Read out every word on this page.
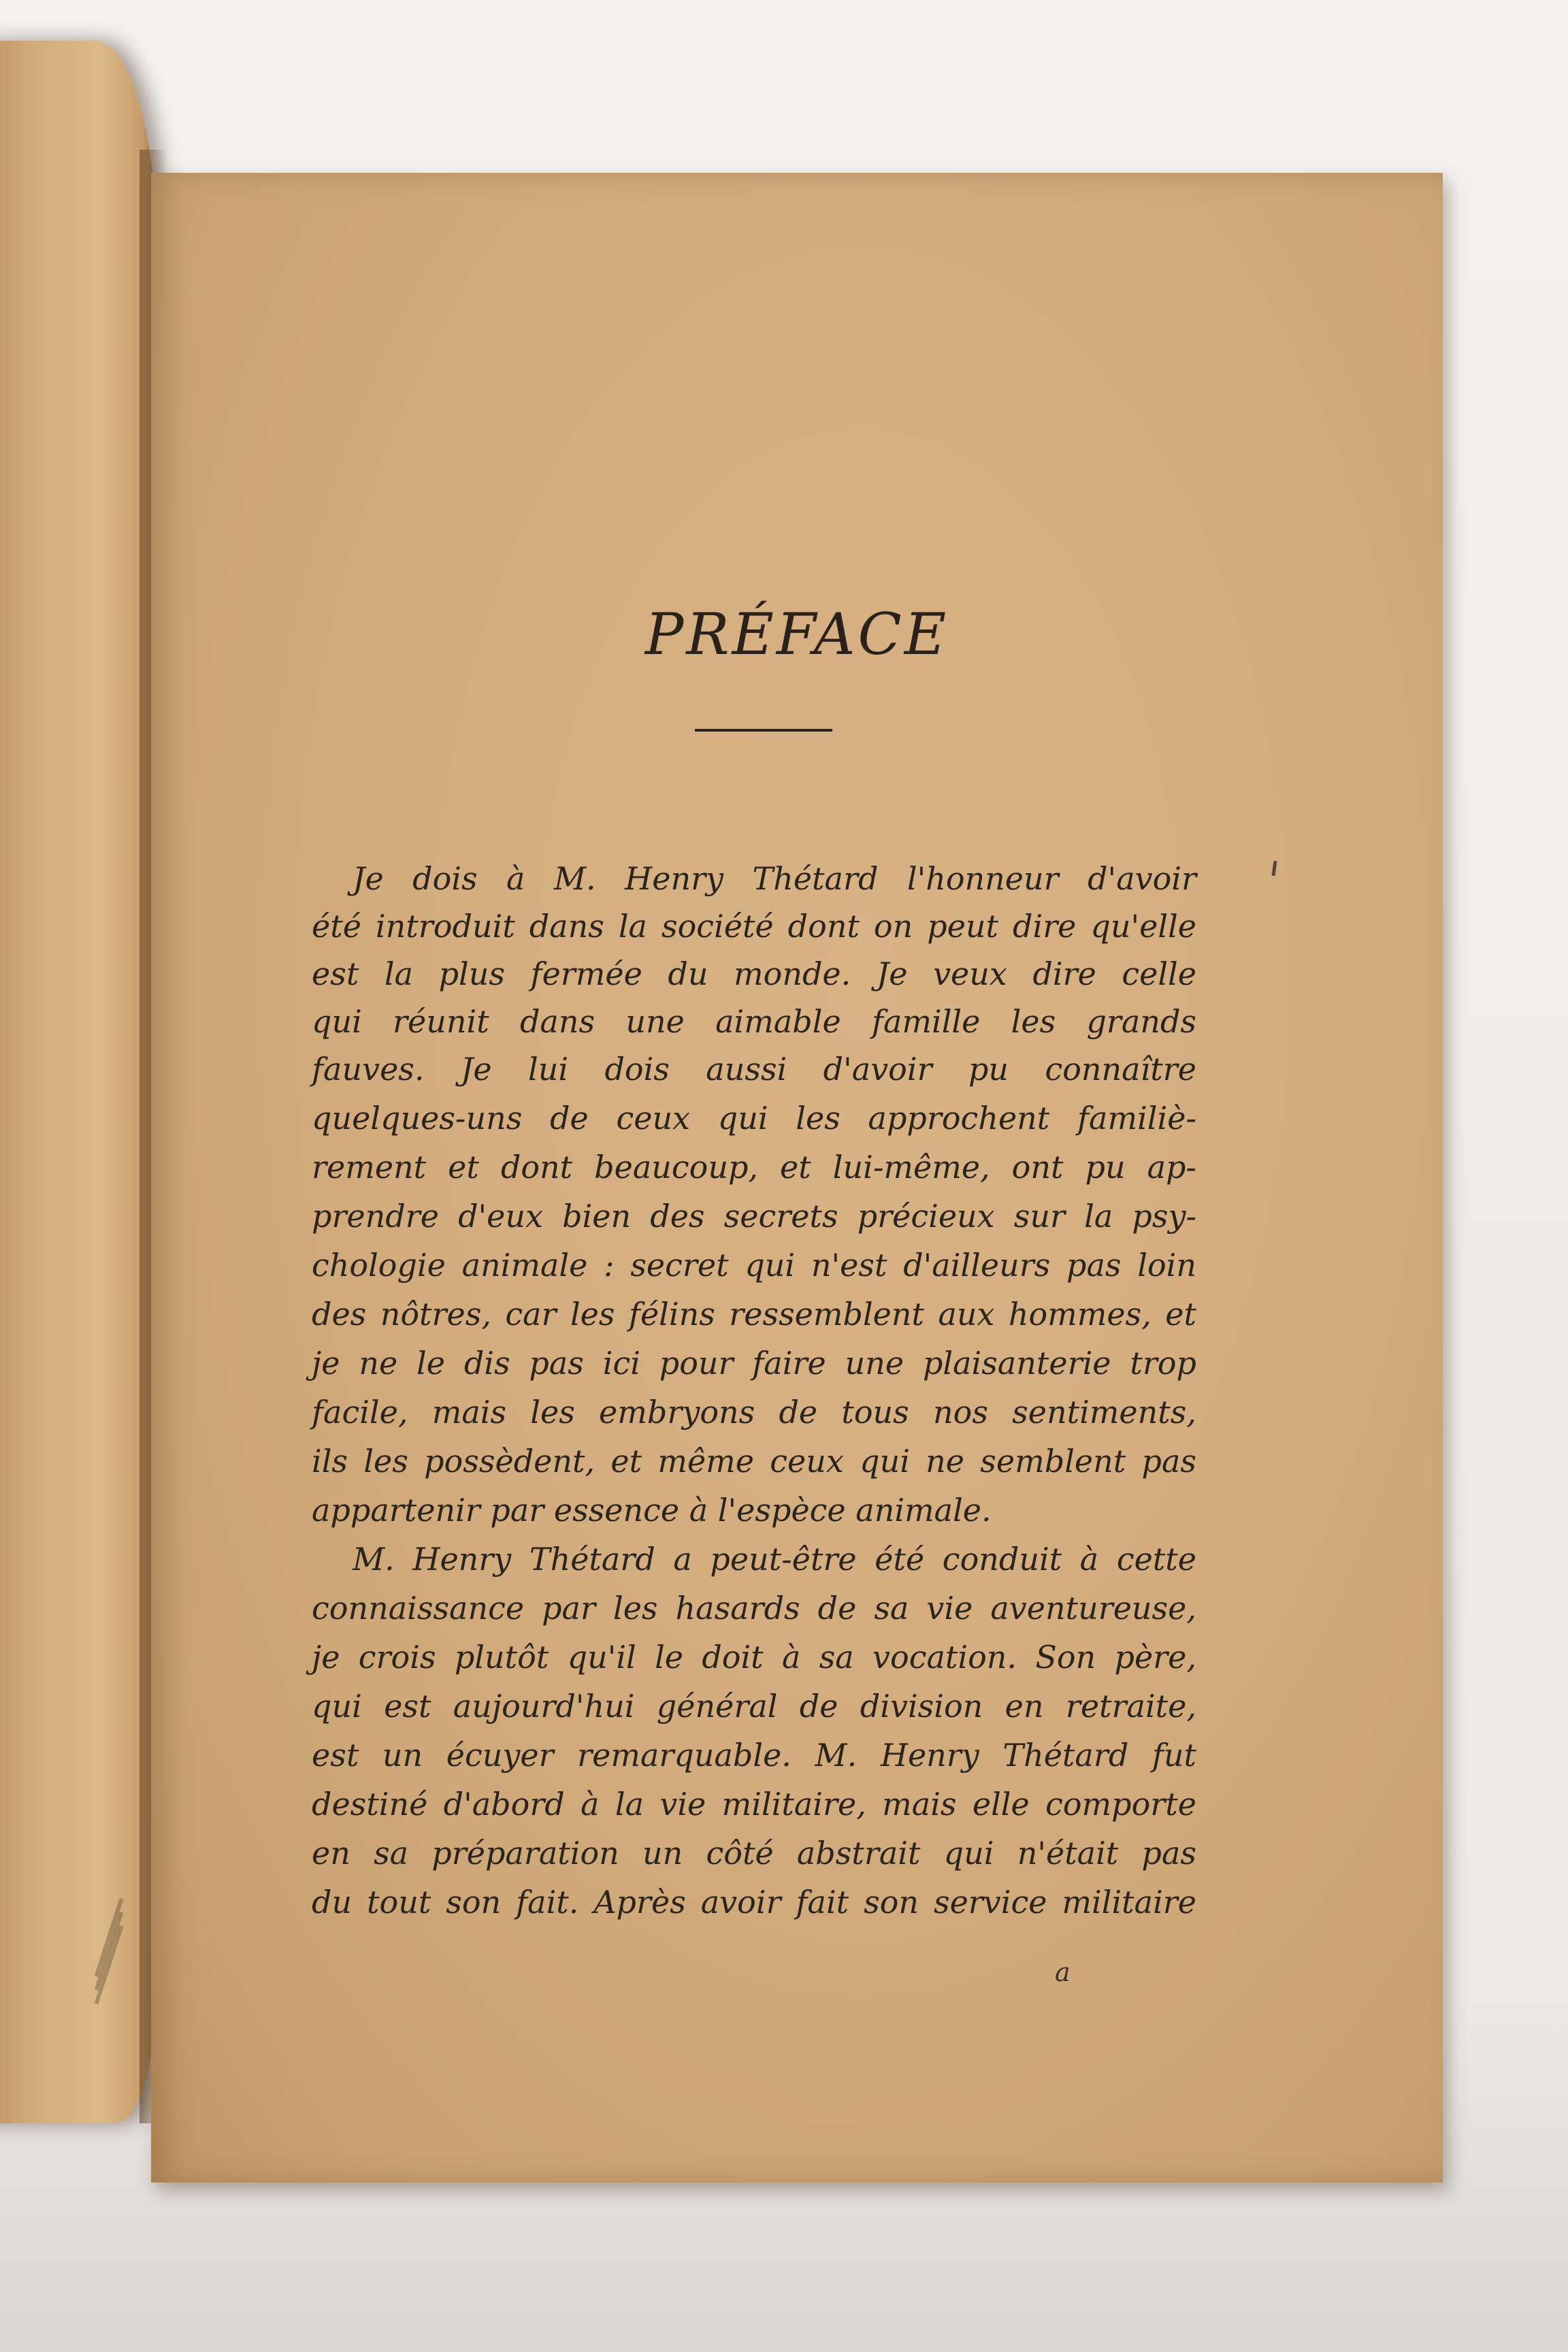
PRÉFACE
Je dois à M. Henry Thétard l'honneur d'avoir
été introduit dans la société dont on peut dire qu'elle
est la plus fermée du monde. Je veux dire celle
qui réunit dans une aimable famille les grands
fauves. Je lui dois aussi d'avoir pu connaître
quelques-uns de ceux qui les approchent familiè-
rement et dont beaucoup, et lui-même, ont pu ap-
prendre d'eux bien des secrets précieux sur la psy-
chologie animale : secret qui n'est d'ailleurs pas loin
des nôtres, car les félins ressemblent aux hommes, et
je ne le dis pas ici pour faire une plaisanterie trop
facile, mais les embryons de tous nos sentiments,
ils les possèdent, et même ceux qui ne semblent pas
appartenir par essence à l'espèce animale.
M. Henry Thétard a peut-être été conduit à cette
connaissance par les hasards de sa vie aventureuse,
je crois plutôt qu'il le doit à sa vocation. Son père,
qui est aujourd'hui général de division en retraite,
est un écuyer remarquable. M. Henry Thétard fut
destiné d'abord à la vie militaire, mais elle comporte
en sa préparation un côté abstrait qui n'était pas
du tout son fait. Après avoir fait son service militaire
a
